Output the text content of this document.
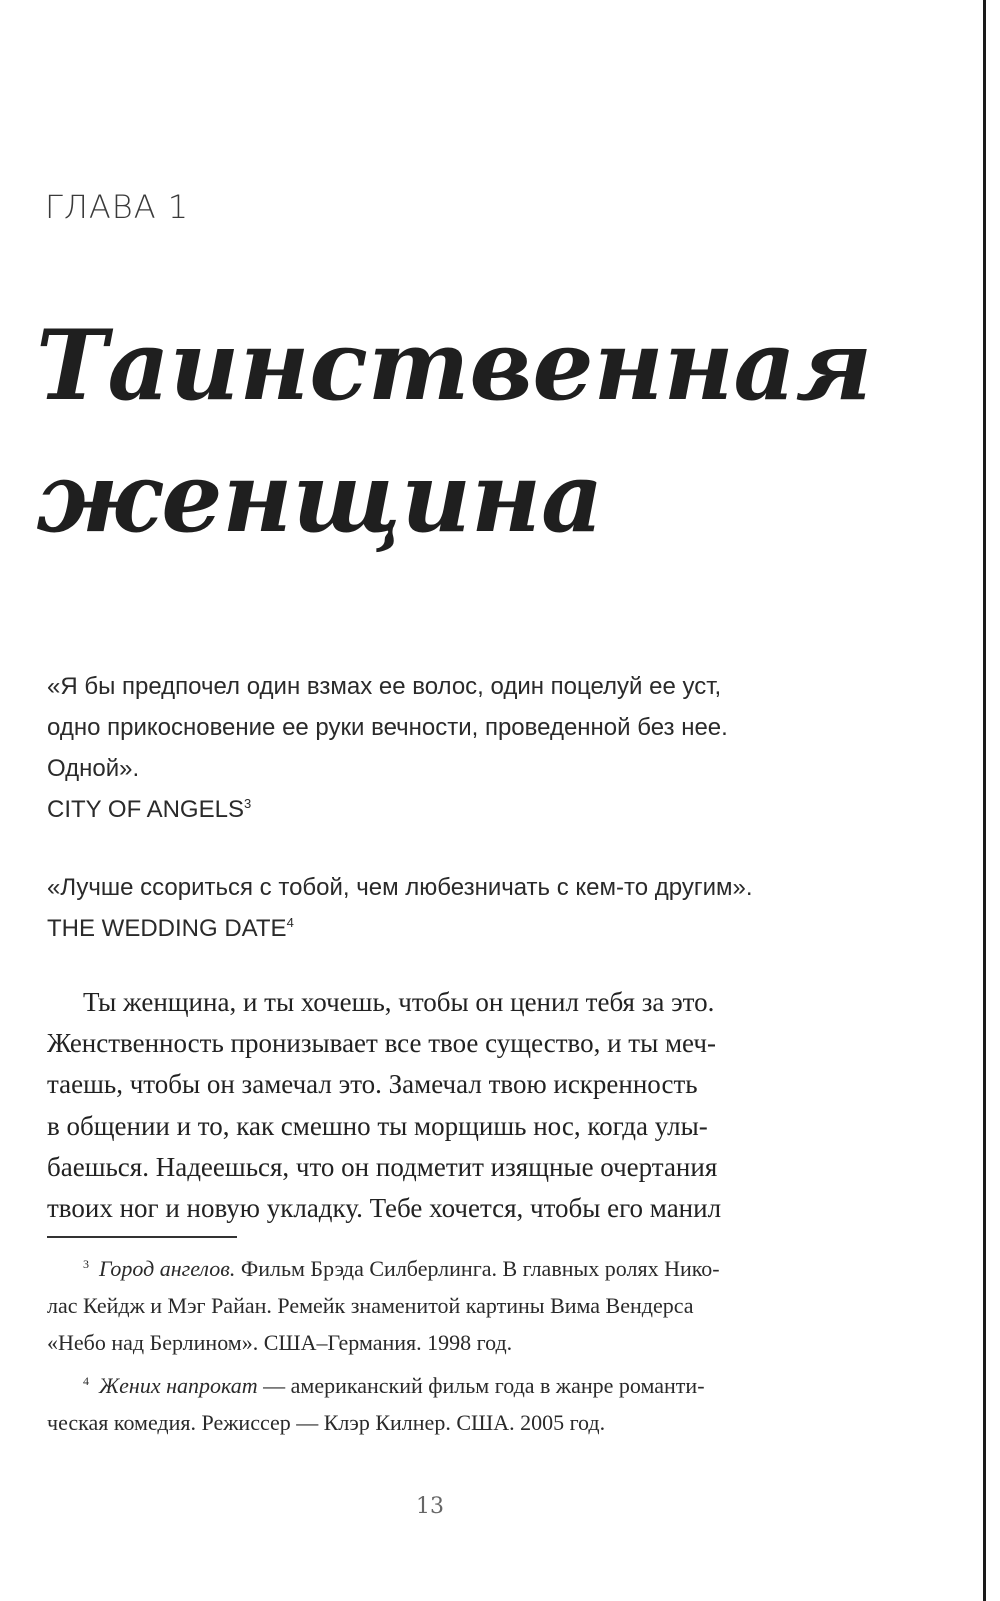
ГЛАВА 1
Таинственная
женщина
«Я бы предпочел один взмах ее волос, один поцелуй ее уст,
одно прикосновение ее руки вечности, проведенной без нее.
Одной».
CITY OF ANGELS$^3$
«Лучше ссориться с тобой, чем любезничать с кем-то другим».
THE WEDDING DATE$^4$
Ты женщина, и ты хочешь, чтобы он ценил тебя за это.
Женственность пронизывает все твое существо, и ты меч-
таешь, чтобы он замечал это. Замечал твою искренность
в общении и то, как смешно ты морщишь нос, когда улы-
баешься. Надеешься, что он подметит изящные очертания
твоих ног и новую укладку. Тебе хочется, чтобы его манил
$^3$ Город ангелов. Фильм Брэда Силберлинга. В главных ролях Нико-
лас Кейдж и Мэг Райан. Ремейк знаменитой картины Вима Вендерса
«Небо над Берлином». США–Германия. 1998 год.
$^4$ Жених напрокат — американский фильм года в жанре романти-
ческая комедия. Режиссер — Клэр Килнер. США. 2005 год.
13
